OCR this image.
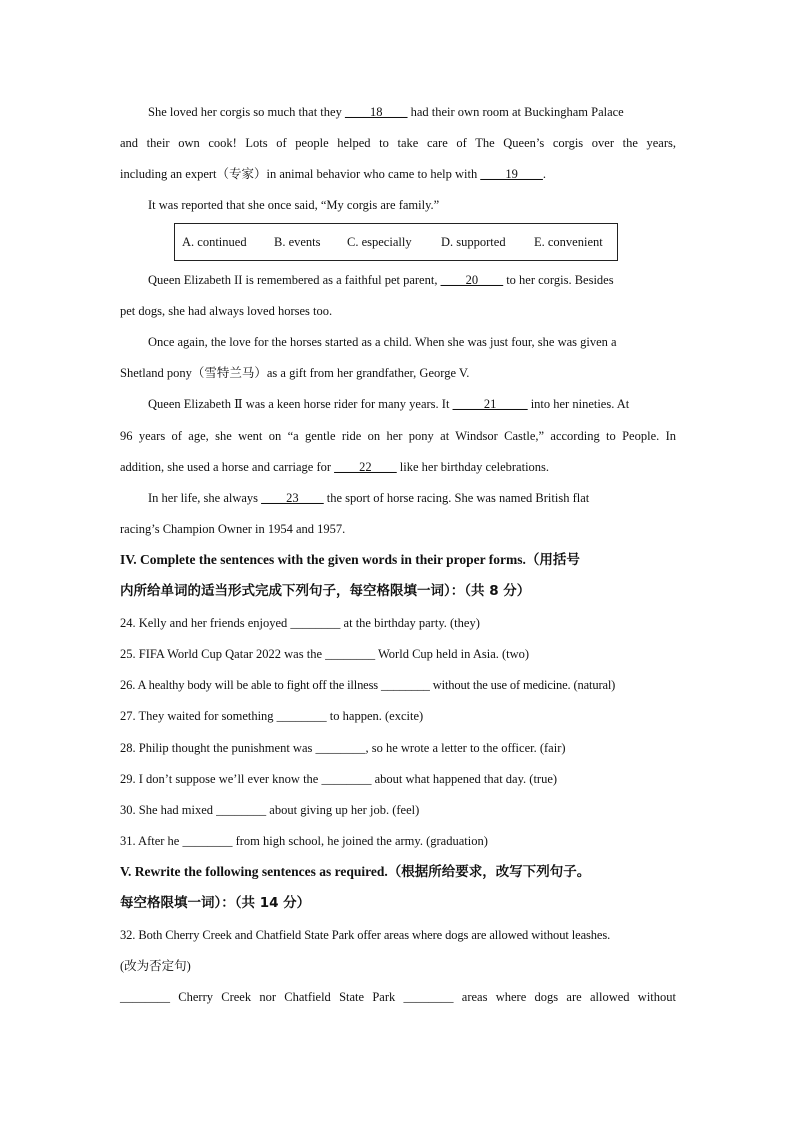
She loved her corgis so much that they ____18____ had their own room at Buckingham Palace
and their own cook! Lots of people helped to take care of The Queen’s corgis over the years,
including an expert（专家）in animal behavior who came to help with ____19____.
It was reported that she once said, “My corgis are family.”
A. continued B. events C. especially D. supported E. convenient
Queen Elizabeth II is remembered as a faithful pet parent, ____20____ to her corgis. Besides
pet dogs, she had always loved horses too.
Once again, the love for the horses started as a child. When she was just four, she was given a
Shetland pony（雪特兰马）as a gift from her grandfather, George V.
Queen Elizabeth Ⅱ was a keen horse rider for many years. It _____21_____ into her nineties. At
96 years of age, she went on “a gentle ride on her pony at Windsor Castle,” according to People. In
addition, she used a horse and carriage for ____22____ like her birthday celebrations.
In her life, she always ____23____ the sport of horse racing. She was named British flat
racing’s Champion Owner in 1954 and 1957.
IV. Complete the sentences with the given words in their proper forms.（用括号
内所给单词的适当形式完成下列句子，每空格限填一词）：（共 8 分）
24. Kelly and her friends enjoyed ________ at the birthday party. (they)
25. FIFA World Cup Qatar 2022 was the ________ World Cup held in Asia. (two)
26. A healthy body will be able to fight off the illness ________ without the use of medicine. (natural)
27. They waited for something ________ to happen. (excite)
28. Philip thought the punishment was ________, so he wrote a letter to the officer. (fair)
29. I don’t suppose we’ll ever know the ________ about what happened that day. (true)
30. She had mixed ________ about giving up her job. (feel)
31. After he ________ from high school, he joined the army. (graduation)
V. Rewrite the following sentences as required.（根据所给要求，改写下列句子。
每空格限填一词）：（共 14 分）
32. Both Cherry Creek and Chatfield State Park offer areas where dogs are allowed without leashes.
(改为否定句)
________ Cherry Creek nor Chatfield State Park ________ areas where dogs are allowed without
